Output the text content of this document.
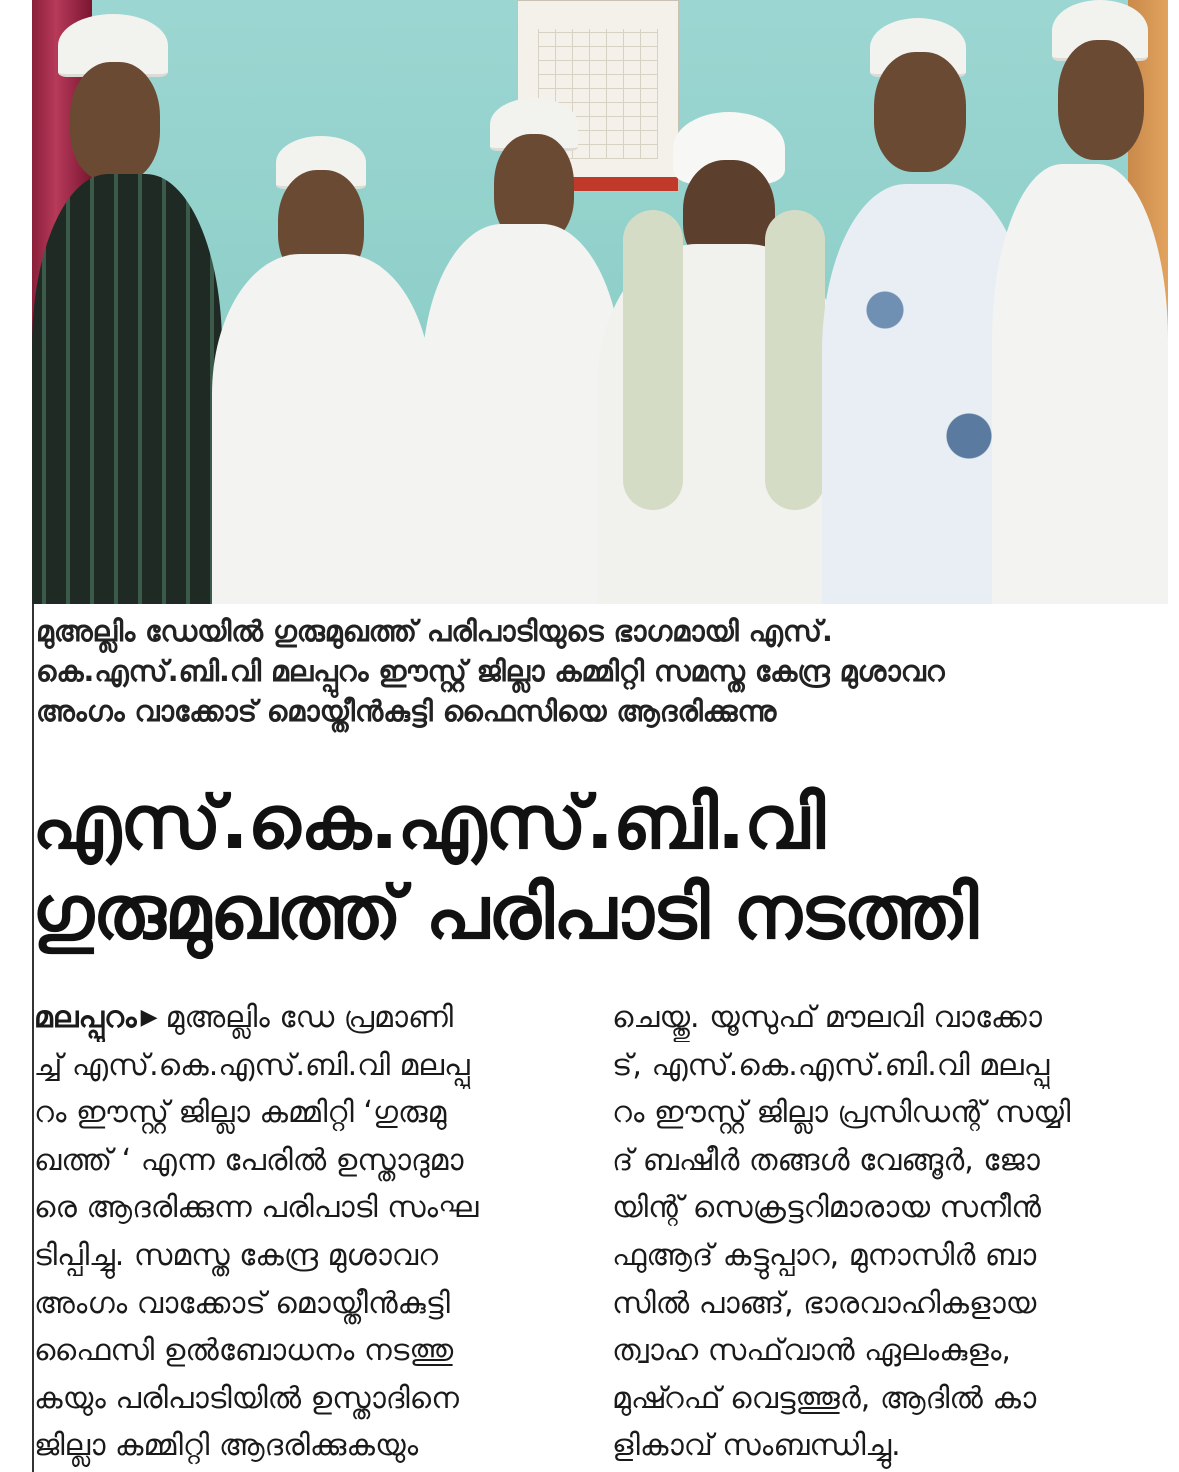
മുഅല്ലിം ഡേയിൽ ഗുരുമുഖത്ത് പരിപാടിയുടെ ഭാഗമായി എസ്.
കെ.എസ്.ബി.വി മലപ്പുറം ഈസ്റ്റ് ജില്ലാ കമ്മിറ്റി സമസ്ത കേന്ദ്ര മുശാവറ
അംഗം വാക്കോട് മൊയ്തീൻകുട്ടി ഫൈസിയെ ആദരിക്കുന്നു
എസ്.കെ.എസ്.ബി.വി
ഗുരുമുഖത്ത് പരിപാടി നടത്തി
മലപ്പുറം ▶ മുഅല്ലിം ഡേ പ്രമാണി
ച്ച് എസ്.കെ.എസ്.ബി.വി മലപ്പു
റം ഈസ്റ്റ് ജില്ലാ കമ്മിറ്റി ‘ഗുരുമു
ഖത്ത് ‘ എന്ന പേരിൽ ഉസ്താദുമാ
രെ ആദരിക്കുന്ന പരിപാടി സംഘ
ടിപ്പിച്ചു. സമസ്ത കേന്ദ്ര മുശാവറ
അംഗം വാക്കോട് മൊയ്തീൻകുട്ടി
ഫൈസി ഉൽബോധനം നടത്തു
കയും പരിപാടിയിൽ ഉസ്താദിനെ
ജില്ലാ കമ്മിറ്റി ആദരിക്കുകയും
ചെയ്തു. യൂസുഫ് മൗലവി വാക്കോ
ട്, എസ്.കെ.എസ്.ബി.വി മലപ്പു
റം ഈസ്റ്റ് ജില്ലാ പ്രസിഡന്റ് സയ്യി
ദ് ബഷീർ തങ്ങൾ വേങ്ങൂർ, ജോ
യിന്റ് സെക്രട്ടറിമാരായ സനീൻ
ഫുആദ് കട്ടുപ്പാറ, മുനാസിർ ബാ
സിൽ പാങ്ങ്, ഭാരവാഹികളായ
ത്വാഹ സഫ്‌വാൻ ഏലംകുളം,
മുഷ്റഫ് വെട്ടത്തൂർ, ആദിൽ കാ
ളികാവ് സംബന്ധിച്ചു.
